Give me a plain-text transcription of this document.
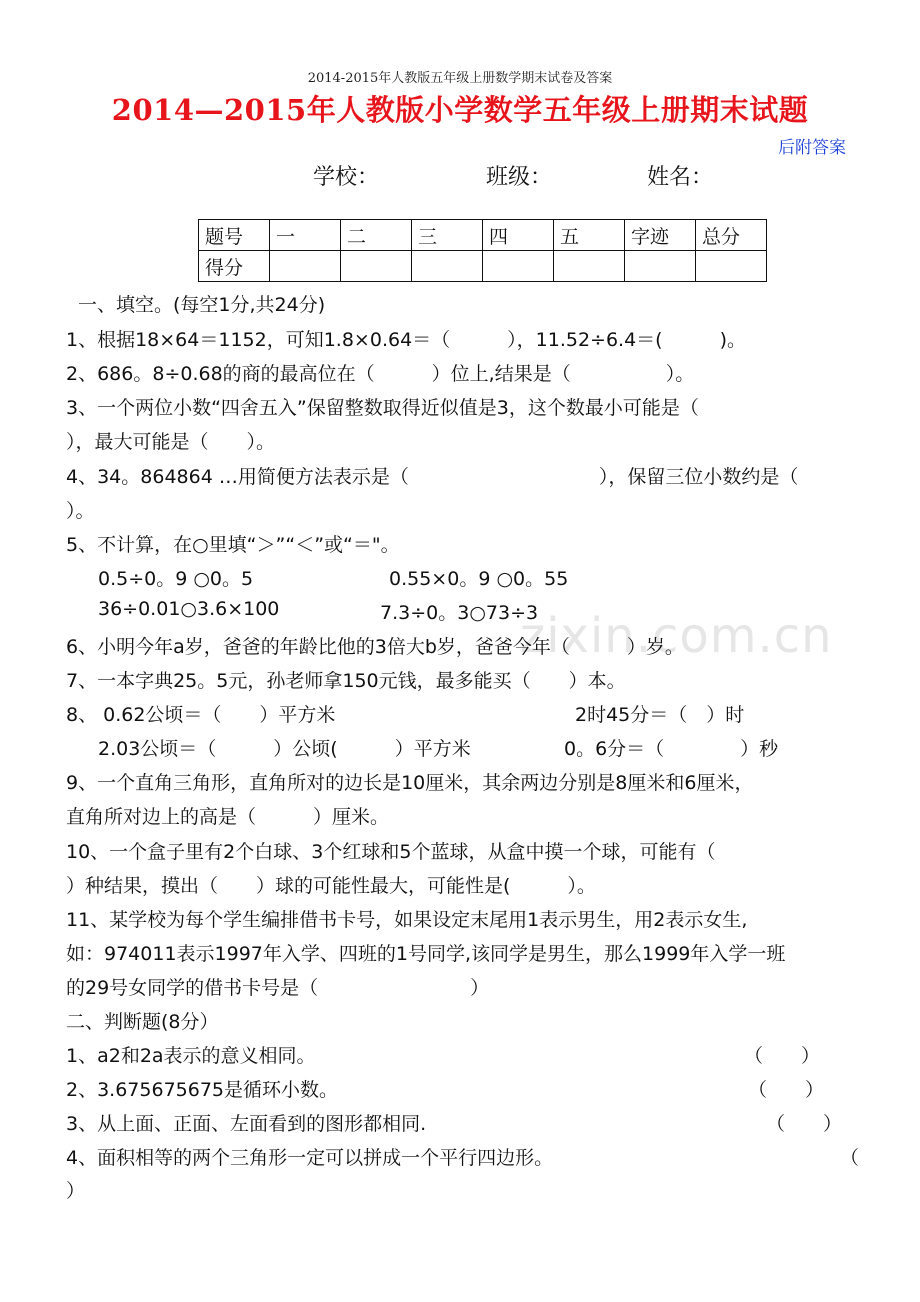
zixin.com.cn
2014-2015年人教版五年级上册数学期末试卷及答案
2014—2015年人教版小学数学五年级上册期末试题
后附答案
学校：	班级：	姓名：
题号	一	二	三	四	五	字迹	总分
得分							
一、填空。(每空1分,共24分)
1、根据18×64＝1152，可知1.8×0.64＝（　　　），11.52÷6.4＝(　　　)。
2、686。8÷0.68的商的最高位在（　　　）位上,结果是（　　　　　）。
3、一个两位小数“四舍五入”保留整数取得近似值是3，这个数最小可能是（
），最大可能是（　　）。
4、34。864864 …用简便方法表示是（　　　　　　　　　　），保留三位小数约是（
）。
5、不计算，在○里填“＞”“＜”或“＝"。
0.5÷0。9 ○0。5	0.55×0。9 ○0。55
36÷0.01○3.6×100	7.3÷0。3○73÷3
6、小明今年a岁，爸爸的年龄比他的3倍大b岁，爸爸今年（　　　）岁。
7、一本字典25。5元，孙老师拿150元钱，最多能买（　　）本。
8、 0.62公顷＝（　　）平方米	2时45分＝（　）时
2.03公顷＝（　　　）公顷(　　　）平方米	0。6分＝（　　　　）秒
9、一个直角三角形，直角所对的边长是10厘米，其余两边分别是8厘米和6厘米，
直角所对边上的高是（　　　）厘米。
10、一个盒子里有2个白球、3个红球和5个蓝球，从盒中摸一个球，可能有（
）种结果，摸出（　　）球的可能性最大，可能性是(　　　）。
11、某学校为每个学生编排借书卡号，如果设定末尾用1表示男生，用2表示女生,
如：974011表示1997年入学、四班的1号同学,该同学是男生，那么1999年入学一班
的29号女同学的借书卡号是（　　　　　　　　）
二、判断题(8分）
1、a2和2a表示的意义相同。	（　　）
2、3.675675675是循环小数。	（　　）
3、从上面、正面、左面看到的图形都相同.	（　　）
4、面积相等的两个三角形一定可以拼成一个平行四边形。	（
）
